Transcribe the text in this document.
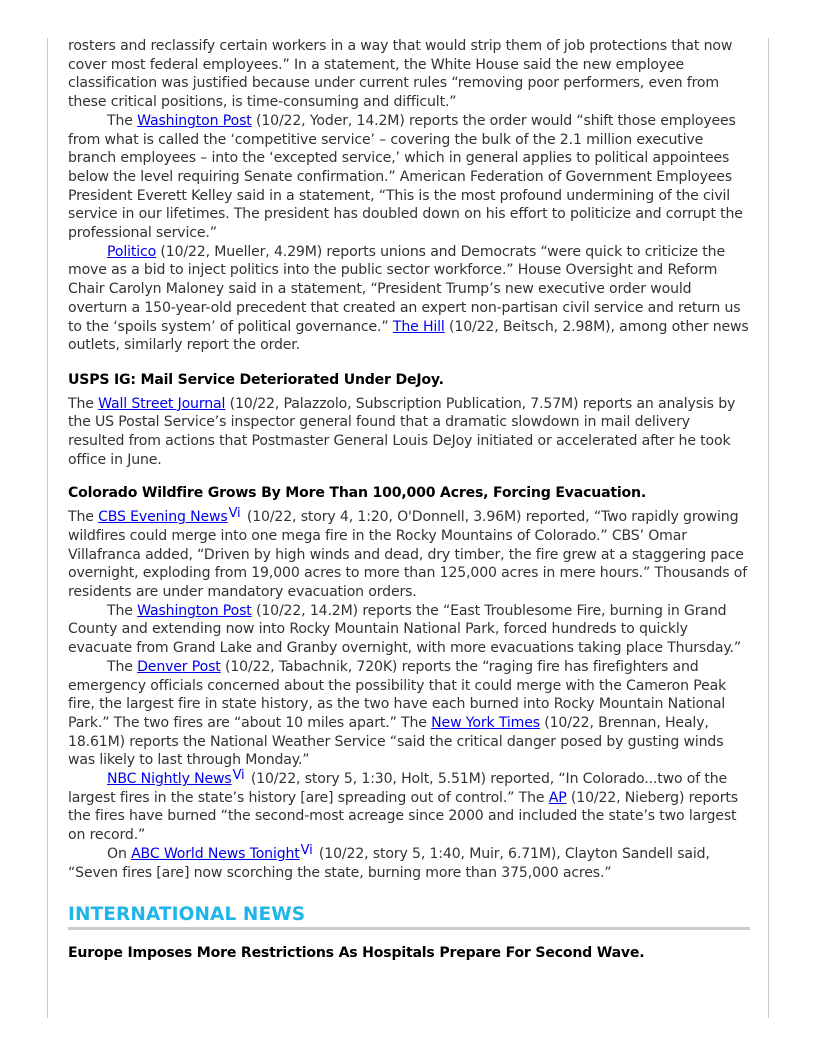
rosters and reclassify certain workers in a way that would strip them of job protections that now cover most federal employees.” In a statement, the White House said the new employee classification was justified because under current rules “removing poor performers, even from these critical positions, is time-consuming and difficult.”

The Washington Post (10/22, Yoder, 14.2M) reports the order would “shift those employees from what is called the ‘competitive service’ – covering the bulk of the 2.1 million executive branch employees – into the ‘excepted service,’ which in general applies to political appointees below the level requiring Senate confirmation.” American Federation of Government Employees President Everett Kelley said in a statement, “This is the most profound undermining of the civil service in our lifetimes. The president has doubled down on his effort to politicize and corrupt the professional service.”

Politico (10/22, Mueller, 4.29M) reports unions and Democrats “were quick to criticize the move as a bid to inject politics into the public sector workforce.” House Oversight and Reform Chair Carolyn Maloney said in a statement, “President Trump’s new executive order would overturn a 150-year-old precedent that created an expert non-partisan civil service and return us to the ‘spoils system’ of political governance.” The Hill (10/22, Beitsch, 2.98M), among other news outlets, similarly report the order.

USPS IG: Mail Service Deteriorated Under DeJoy.

The Wall Street Journal (10/22, Palazzolo, Subscription Publication, 7.57M) reports an analysis by the US Postal Service’s inspector general found that a dramatic slowdown in mail delivery resulted from actions that Postmaster General Louis DeJoy initiated or accelerated after he took office in June.

Colorado Wildfire Grows By More Than 100,000 Acres, Forcing Evacuation.

The CBS Evening News$^{Vi}$ (10/22, story 4, 1:20, O'Donnell, 3.96M) reported, “Two rapidly growing wildfires could merge into one mega fire in the Rocky Mountains of Colorado.” CBS’ Omar Villafranca added, “Driven by high winds and dead, dry timber, the fire grew at a staggering pace overnight, exploding from 19,000 acres to more than 125,000 acres in mere hours.” Thousands of residents are under mandatory evacuation orders.

The Washington Post (10/22, 14.2M) reports the “East Troublesome Fire, burning in Grand County and extending now into Rocky Mountain National Park, forced hundreds to quickly evacuate from Grand Lake and Granby overnight, with more evacuations taking place Thursday.”

The Denver Post (10/22, Tabachnik, 720K) reports the “raging fire has firefighters and emergency officials concerned about the possibility that it could merge with the Cameron Peak fire, the largest fire in state history, as the two have each burned into Rocky Mountain National Park.” The two fires are “about 10 miles apart.” The New York Times (10/22, Brennan, Healy, 18.61M) reports the National Weather Service “said the critical danger posed by gusting winds was likely to last through Monday.”

NBC Nightly News$^{Vi}$ (10/22, story 5, 1:30, Holt, 5.51M) reported, “In Colorado...two of the largest fires in the state’s history [are] spreading out of control.” The AP (10/22, Nieberg) reports the fires have burned “the second-most acreage since 2000 and included the state’s two largest on record.”

On ABC World News Tonight$^{Vi}$ (10/22, story 5, 1:40, Muir, 6.71M), Clayton Sandell said, “Seven fires [are] now scorching the state, burning more than 375,000 acres.”

INTERNATIONAL NEWS
Europe Imposes More Restrictions As Hospitals Prepare For Second Wave.
